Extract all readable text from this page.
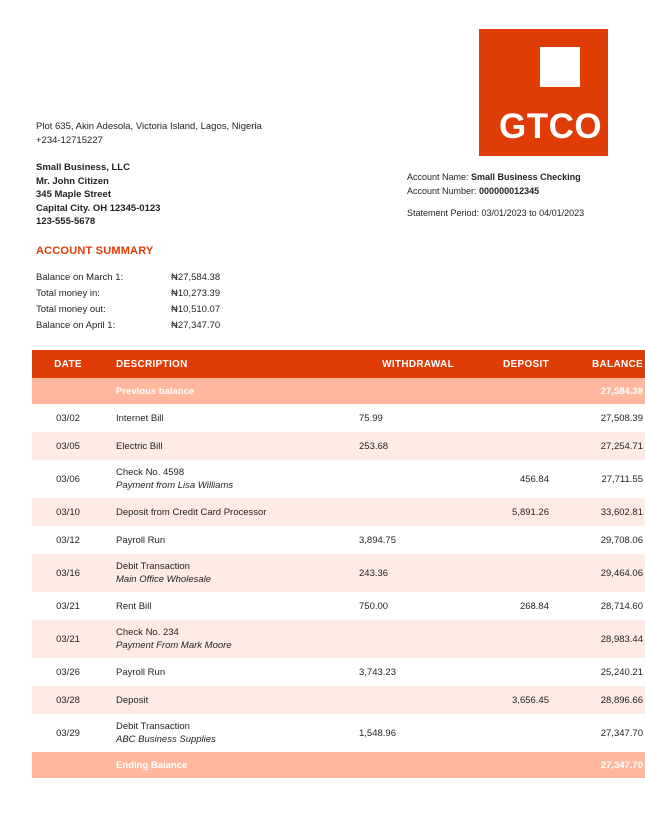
GTCO
Plot 635, Akin Adesola, Victoria Island, Lagos, Nigeria
+234-12715227
Small Business, LLC
Mr. John Citizen
345 Maple Street
Capital City. OH 12345-0123
123-555-5678
Account Name: Small Business Checking
Account Number: 000000012345
Statement Period: 03/01/2023 to 04/01/2023
ACCOUNT SUMMARY
Balance on March 1:	₦27,584.38
Total money in:	₦10,273.39
Total money out:	₦10,510.07
Balance on April 1:	₦27,347.70
DATE	DESCRIPTION	WITHDRAWAL	DEPOSIT	BALANCE
	Previous balance			27,584.38
03/02	Internet Bill	75.99		27,508.39
03/05	Electric Bill	253.68		27,254.71
03/06	Check No. 4598
Payment from Lisa Williams		456.84	27,711.55
03/10	Deposit from Credit Card Processor		5,891.26	33,602.81
03/12	Payroll Run	3,894.75		29,708.06
03/16	Debit Transaction
Main Office Wholesale	243.36		29,464.06
03/21	Rent Bill	750.00	268.84	28,714.60
03/21	Check No. 234
Payment From Mark Moore			28,983.44
03/26	Payroll Run	3,743.23		25,240.21
03/28	Deposit		3,656.45	28,896.66
03/29	Debit Transaction
ABC Business Supplies	1,548.96		27,347.70
	Ending Balance			27,347.70
